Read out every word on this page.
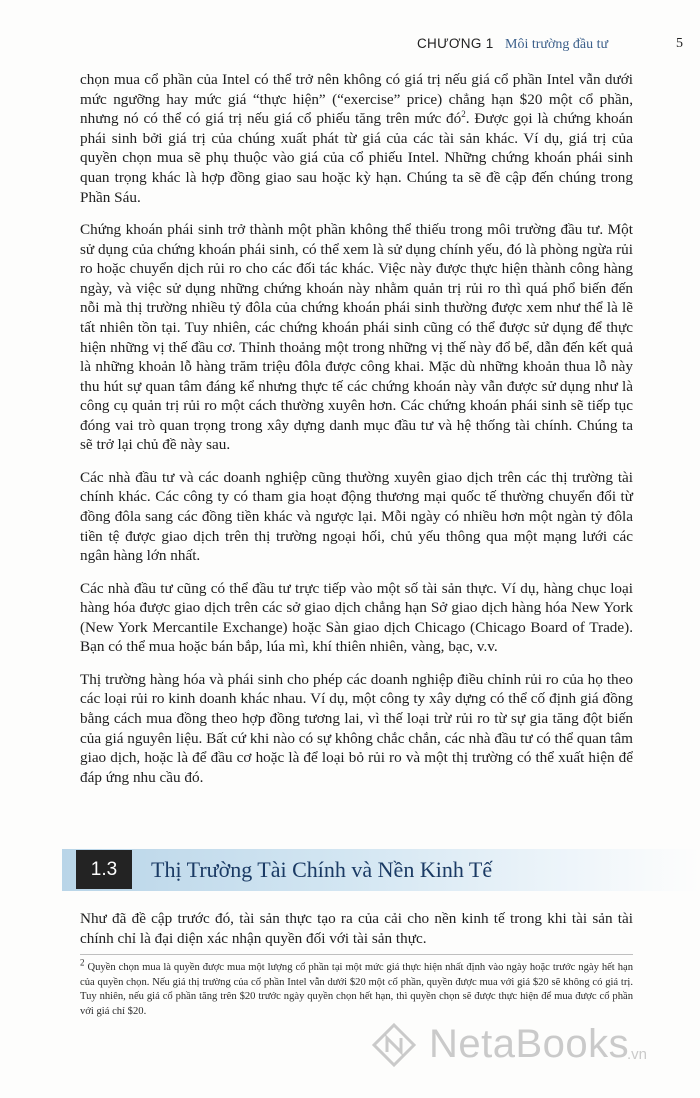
CHƯƠNG 1 Môi trường đầu tư	5

chọn mua cổ phần của Intel có thể trở nên không có giá trị nếu giá cổ phần Intel vẫn dưới mức ngưỡng hay mức giá “thực hiện” (“exercise” price) chẳng hạn $20 một cổ phần, nhưng nó có thể có giá trị nếu giá cổ phiếu tăng trên mức $đó^2$. Được gọi là chứng khoán phái sinh bởi giá trị của chúng xuất phát từ giá của các tài sản khác. Ví dụ, giá trị của quyền chọn mua sẽ phụ thuộc vào giá của cổ phiếu Intel. Những chứng khoán phái sinh quan trọng khác là hợp đồng giao sau hoặc kỳ hạn. Chúng ta sẽ đề cập đến chúng trong Phần Sáu.

Chứng khoán phái sinh trở thành một phần không thể thiếu trong môi trường đầu tư. Một sử dụng của chứng khoán phái sinh, có thể xem là sử dụng chính yếu, đó là phòng ngừa rủi ro hoặc chuyển dịch rủi ro cho các đối tác khác. Việc này được thực hiện thành công hàng ngày, và việc sử dụng những chứng khoán này nhằm quản trị rủi ro thì quá phổ biến đến nỗi mà thị trường nhiều tỷ đôla của chứng khoán phái sinh thường được xem như thể là lẽ tất nhiên tồn tại. Tuy nhiên, các chứng khoán phái sinh cũng có thể được sử dụng để thực hiện những vị thế đầu cơ. Thỉnh thoảng một trong những vị thế này đổ bể, dẫn đến kết quả là những khoản lỗ hàng trăm triệu đôla được công khai. Mặc dù những khoản thua lỗ này thu hút sự quan tâm đáng kể nhưng thực tế các chứng khoán này vẫn được sử dụng như là công cụ quản trị rủi ro một cách thường xuyên hơn. Các chứng khoán phái sinh sẽ tiếp tục đóng vai trò quan trọng trong xây dựng danh mục đầu tư và hệ thống tài chính. Chúng ta sẽ trở lại chủ đề này sau.

Các nhà đầu tư và các doanh nghiệp cũng thường xuyên giao dịch trên các thị trường tài chính khác. Các công ty có tham gia hoạt động thương mại quốc tế thường chuyển đổi từ đồng đôla sang các đồng tiền khác và ngược lại. Mỗi ngày có nhiều hơn một ngàn tỷ đôla tiền tệ được giao dịch trên thị trường ngoại hối, chủ yếu thông qua một mạng lưới các ngân hàng lớn nhất.

Các nhà đầu tư cũng có thể đầu tư trực tiếp vào một số tài sản thực. Ví dụ, hàng chục loại hàng hóa được giao dịch trên các sở giao dịch chẳng hạn Sở giao dịch hàng hóa New York (New York Mercantile Exchange) hoặc Sàn giao dịch Chicago (Chicago Board of Trade). Bạn có thể mua hoặc bán bắp, lúa mì, khí thiên nhiên, vàng, bạc, v.v.

Thị trường hàng hóa và phái sinh cho phép các doanh nghiệp điều chỉnh rủi ro của họ theo các loại rủi ro kinh doanh khác nhau. Ví dụ, một công ty xây dựng có thể cố định giá đồng bằng cách mua đồng theo hợp đồng tương lai, vì thế loại trừ rủi ro từ sự gia tăng đột biến của giá nguyên liệu. Bất cứ khi nào có sự không chắc chắn, các nhà đầu tư có thể quan tâm giao dịch, hoặc là để đầu cơ hoặc là để loại bỏ rủi ro và một thị trường có thể xuất hiện để đáp ứng nhu cầu đó.

1.3	Thị Trường Tài Chính và Nền Kinh Tế
Như đã đề cập trước đó, tài sản thực tạo ra của cải cho nền kinh tế trong khi tài sản tài chính chỉ là đại diện xác nhận quyền đối với tài sản thực.
$^2$ Quyền chọn mua là quyền được mua một lượng cổ phần tại một mức giá thực hiện nhất định vào ngày hoặc trước ngày hết hạn của quyền chọn. Nếu giá thị trường của cổ phần Intel vẫn dưới $20 một cổ phần, quyền được mua với giá $20 sẽ không có giá trị. Tuy nhiên, nếu giá cổ phần tăng trên $20 trước ngày quyền chọn hết hạn, thì quyền chọn sẽ được thực hiện để mua được cổ phần với giá chỉ $20.
NetaBooks
.vn
